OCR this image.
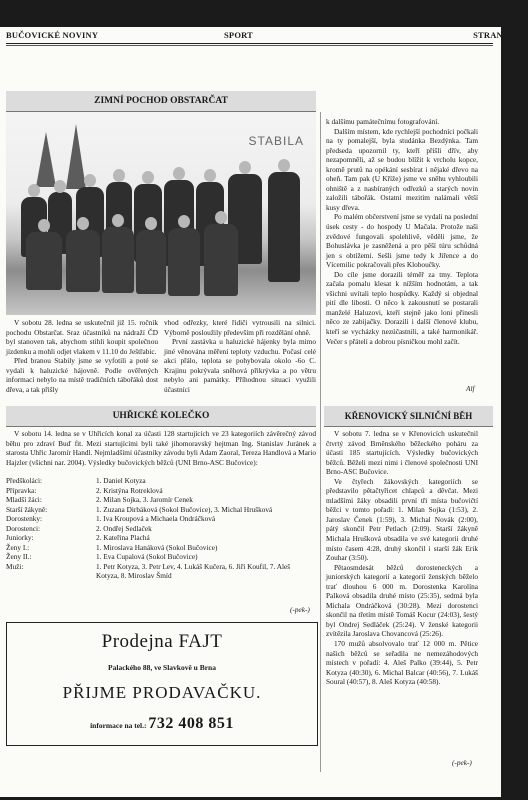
BUČOVICKÉ NOVINY	SPORT	STRANA 19
ZIMNÍ POCHOD OBSTARČAT
STABILA

V sobotu 28. ledna se uskutečnil již 15. ročník pochodu Obstarčat. Sraz účastníků na nádraží ČD byl stanoven tak, abychom stihli koupit společnou jízdenku a mohli odjet vlakem v 11.10 do Ještřabic.

Před branou Stabily jsme se vyfotili a poté se vydali k haluzické hájovně. Podle ověřených informací nebylo na místě tradičních tábořáků dost dřeva, a tak přišly

vhod odřezky, které řidiči vytrousili na silnici. Výborně posloužily především při rozdělání ohně.

První zastávka u haluzické hájenky byla mimo jiné věnována měření teploty vzduchu. Počasí celé akci přálo, teplota se pohybovala okolo -6o C. Krajinu pokrývala sněhová přikrývka a po větru nebylo ani památky. Příhodnou situaci využili účastníci

k dalšímu památečnímu fotografování.

Dalším místem, kde rychlejší pochodníci počkali na ty pomalejší, byla studánka Bezdýnka. Tam předseda upozornil ty, kteří přišli dřív, aby nezapomněli, až se budou blížit k vrcholu kopce, kromě prutů na opékání sesbírat i nějaké dřevo na oheň. Tam pak (U Kříže) jsme ve sněhu vyhloubili ohniště a z nasbíraných odřezků a starých novin založili tábořák. Ostatní mezitím nalámali větší kusy dřeva.

Po malém občerstvení jsme se vydali na poslední úsek cesty - do hospody U Mačala. Protože naši zvědové fungovali spolehlivě, věděli jsme, že Bohuslávka je zasněžená a pro pěší túru schůdná jen s obtížemi. Sešli jsme tedy k Jiřence a do Vícemilic pokračovali přes Kloboučky.

Do cíle jsme dorazili téměř za tmy. Teplota začala pomalu klesat k nížším hodnotám, a tak všichni uvítali teplo hospůdky. Každý si objednal pití dle libosti. O něco k zakousnutí se postarali manželé Haluzovi, kteří stejně jako loni přinesli něco ze zabijačky. Dorazili i další členové klubu, kteří se vycházky nezúčastnili, a také harmonikář. Večer s přátelí a dobrou písničkou mohl začít.

Alf
UHŘICKÉ KOLEČKO

V sobotu 14. ledna se v Uhřicích konal za účasti 128 startujících ve 23 kategoriích závěrečný závod běhu pro zdraví Buď fit. Mezi startujícími byli také jihomoravský hejtman Ing. Stanislav Juránek a starosta Uhřic Jaromír Handl. Nejmladšími účastníky závodu byli Adam Zaoral, Tereza Handlová a Mario Hajzler (všichni nar. 2004). Výsledky bučovických běžců (UNI Brno-ASC Bučovice):

Předškoláci:	1. Daniel Kotyza
Přípravka:	2. Kristýna Rotreklová
Mladší žáci:	2. Milan Sojka, 3. Jaromír Cenek
Starší žákyně:	1. Zuzana Dirbáková (Sokol Bučovice), 3. Michal Hrušková
Dorostenky:	1. Iva Kroupová a Michaela Ondráčková
Dorostenci:	2. Ondřej Sedlaček
Juniorky:	2. Kateřina Plachá
Ženy I.:	1. Miroslava Hanáková (Sokol Bučovice)
Ženy II.:	1. Eva Cupalová (Sokol Bučovice)
Muži:	1. Petr Kotyza, 3. Petr Lev, 4. Lukáš Kučera, 6. Jiří Koufil, 7. Aleš Kotyza, 8. Miroslav Šmíd
(-pek-)
Prodejna FAJT
Palackého 88, ve Slavkově u Brna
PŘIJME PRODAVAČKU.
informace na tel.: 732 408 851
KŘENOVICKÝ SILNIČNÍ BĚH

V sobotu 7. ledna se v Křenovicích uskutečnil čtvrtý závod Brněnského běžeckého poháru za účasti 185 startujících. Výsledky bučovických běžců. Běželi mezi nimi i členové společnosti UNI Brno-ASC Bučovice.

Ve čtyřech žákovských kategoriích se představilo pětačtyřicet chlapců a děvčat. Mezi mladšími žáky obsadili první tři místa bučovičtí běžci v tomto pořadí: 1. Milan Sojka (1:53), 2. Jaroslav Čenek (1:59), 3. Michal Novák (2:00), pátý skončil Petr Petlach (2:09). Starší žákyně Michala Hrušková obsadila ve své kategorii druhé místo časem 4:28, druhý skončil i starší žák Erik Zouhar (3:50).

Pětaosmdesát běžců dorosteneckých a juniorských kategorií a kategorií ženských běželo trať dlouhou 6 000 m. Dorostenka Karolína Palková obsadila druhé místo (25:35), sedmá byla Michala Ondráčková (30:28). Mezi dorostenci skončil na třetím místě Tomáš Kocur (24:03), šestý byl Ondrej Sedláček (25:24). V ženské kategorii zvítězila Jaroslava Chovancová (25:26).

170 mužů absolvovalo trať 12 000 m. Pětice našich běžců se seřadila ne nemezáhodových místech v pořadí: 4. Aleš Palko (39:44), 5. Petr Kotyza (40:30), 6. Michal Balcar (40:56), 7. Lukáš Soural (40:57), 8. Aleš Kotyza (40:58).

(-pek-)
